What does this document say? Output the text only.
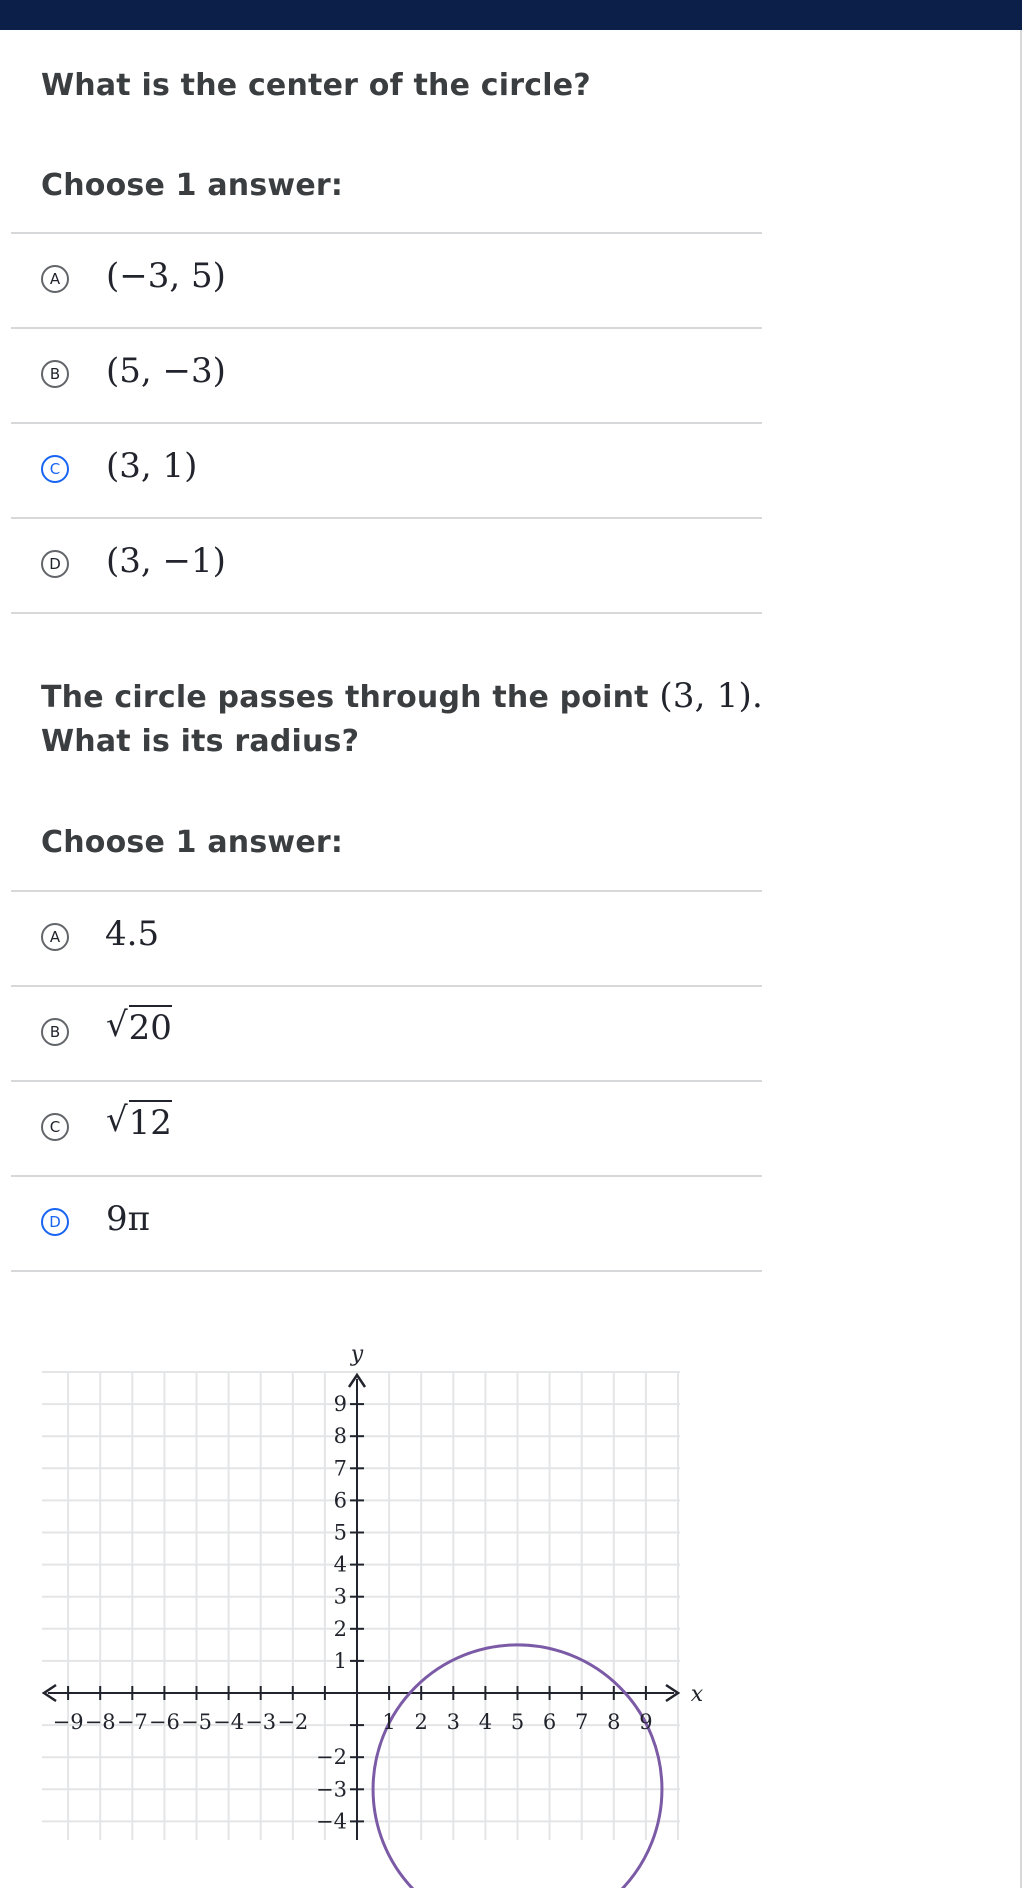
What is the center of the circle?
Choose 1 answer:
A (−3, 5)
B (5, −3)
C (3, 1)
D (3, −1)
The circle passes through the point (3, 1).
What is its radius?
Choose 1 answer:
A 4.5
B √ 20
C √ 12
D 9π
−9 −8 −7 −6 −5 −4 −3 −2	1 2 3 4 5 6 7 8 9
9
8
7
6
5
4
3
2
1
−2
−3
−4
x
y
